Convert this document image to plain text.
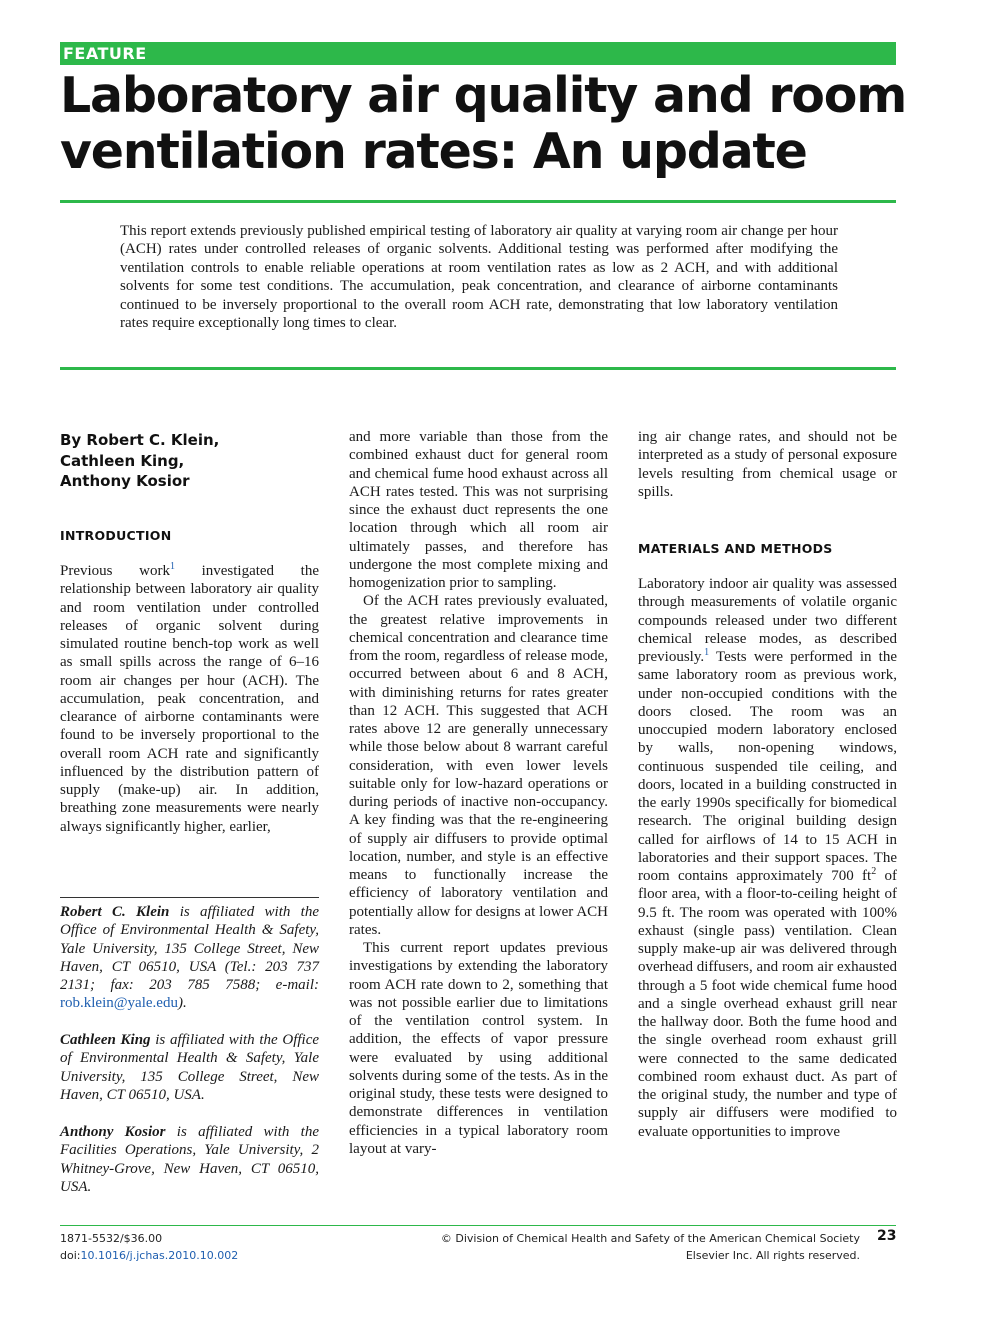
FEATURE
Laboratory air quality and room ventilation rates: An update

This report extends previously published empirical testing of laboratory air quality at varying room air change per hour (ACH) rates under controlled releases of organic solvents. Additional testing was performed after modifying the ventilation controls to enable reliable operations at room ventilation rates as low as 2 ACH, and with additional solvents for some test conditions. The accumulation, peak concentration, and clearance of airborne contaminants continued to be inversely proportional to the overall room ACH rate, demonstrating that low laboratory ventilation rates require exceptionally long times to clear.

By Robert C. Klein,
Cathleen King,
Anthony Kosior
INTRODUCTION

Previous work$^1$ investigated the relationship between laboratory air quality and room ventilation under controlled releases of organic solvent during simulated routine bench-top work as well as small spills across the range of 6–16 room air changes per hour (ACH). The accumulation, peak concentration, and clearance of airborne contaminants were found to be inversely proportional to the overall room ACH rate and significantly influenced by the distribution pattern of supply (make-up) air. In addition, breathing zone measurements were nearly always significantly higher, earlier,

Robert C. Klein is affiliated with the Office of Environmental Health & Safety, Yale University, 135 College Street, New Haven, CT 06510, USA (Tel.: 203 737 2131; fax: 203 785 7588; e-mail: rob.klein@yale.edu).

Cathleen King is affiliated with the Office of Environmental Health & Safety, Yale University, 135 College Street, New Haven, CT 06510, USA.

Anthony Kosior is affiliated with the Facilities Operations, Yale University, 2 Whitney-Grove, New Haven, CT 06510, USA.

and more variable than those from the combined exhaust duct for general room and chemical fume hood exhaust across all ACH rates tested. This was not surprising since the exhaust duct represents the one location through which all room air ultimately passes, and therefore has undergone the most complete mixing and homogenization prior to sampling.

Of the ACH rates previously evaluated, the greatest relative improvements in chemical concentration and clearance time from the room, regardless of release mode, occurred between about 6 and 8 ACH, with diminishing returns for rates greater than 12 ACH. This suggested that ACH rates above 12 are generally unnecessary while those below about 8 warrant careful consideration, with even lower levels suitable only for low-hazard operations or during periods of inactive non-occupancy. A key finding was that the re-engineering of supply air diffusers to provide optimal location, number, and style is an effective means to functionally increase the efficiency of laboratory ventilation and potentially allow for designs at lower ACH rates.

This current report updates previous investigations by extending the laboratory room ACH rate down to 2, something that was not possible earlier due to limitations of the ventilation control system. In addition, the effects of vapor pressure were evaluated by using additional solvents during some of the tests. As in the original study, these tests were designed to demonstrate differences in ventilation efficiencies in a typical laboratory room layout at vary-

ing air change rates, and should not be interpreted as a study of personal exposure levels resulting from chemical usage or spills.

MATERIALS AND METHODS

Laboratory indoor air quality was assessed through measurements of volatile organic compounds released under two different chemical release modes, as described previously.$^1$ Tests were performed in the same laboratory room as previous work, under non-occupied conditions with the doors closed. The room was an unoccupied modern laboratory enclosed by walls, non-opening windows, continuous suspended tile ceiling, and doors, located in a building constructed in the early 1990s specifically for biomedical research. The original building design called for airflows of 14 to 15 ACH in laboratories and their support spaces. The room contains approximately 700 $ft^2$ of floor area, with a floor-to-ceiling height of 9.5 ft. The room was operated with 100% exhaust (single pass) ventilation. Clean supply make-up air was delivered through overhead diffusers, and room air exhausted through a 5 foot wide chemical fume hood and a single overhead exhaust grill near the hallway door. Both the fume hood and the single overhead room exhaust grill were connected to the same dedicated combined room exhaust duct. As part of the original study, the number and type of supply air diffusers were modified to evaluate opportunities to improve

1871-5532/$36.00
doi:10.1016/j.jchas.2010.10.002
© Division of Chemical Health and Safety of the American Chemical Society
Elsevier Inc. All rights reserved.
23
